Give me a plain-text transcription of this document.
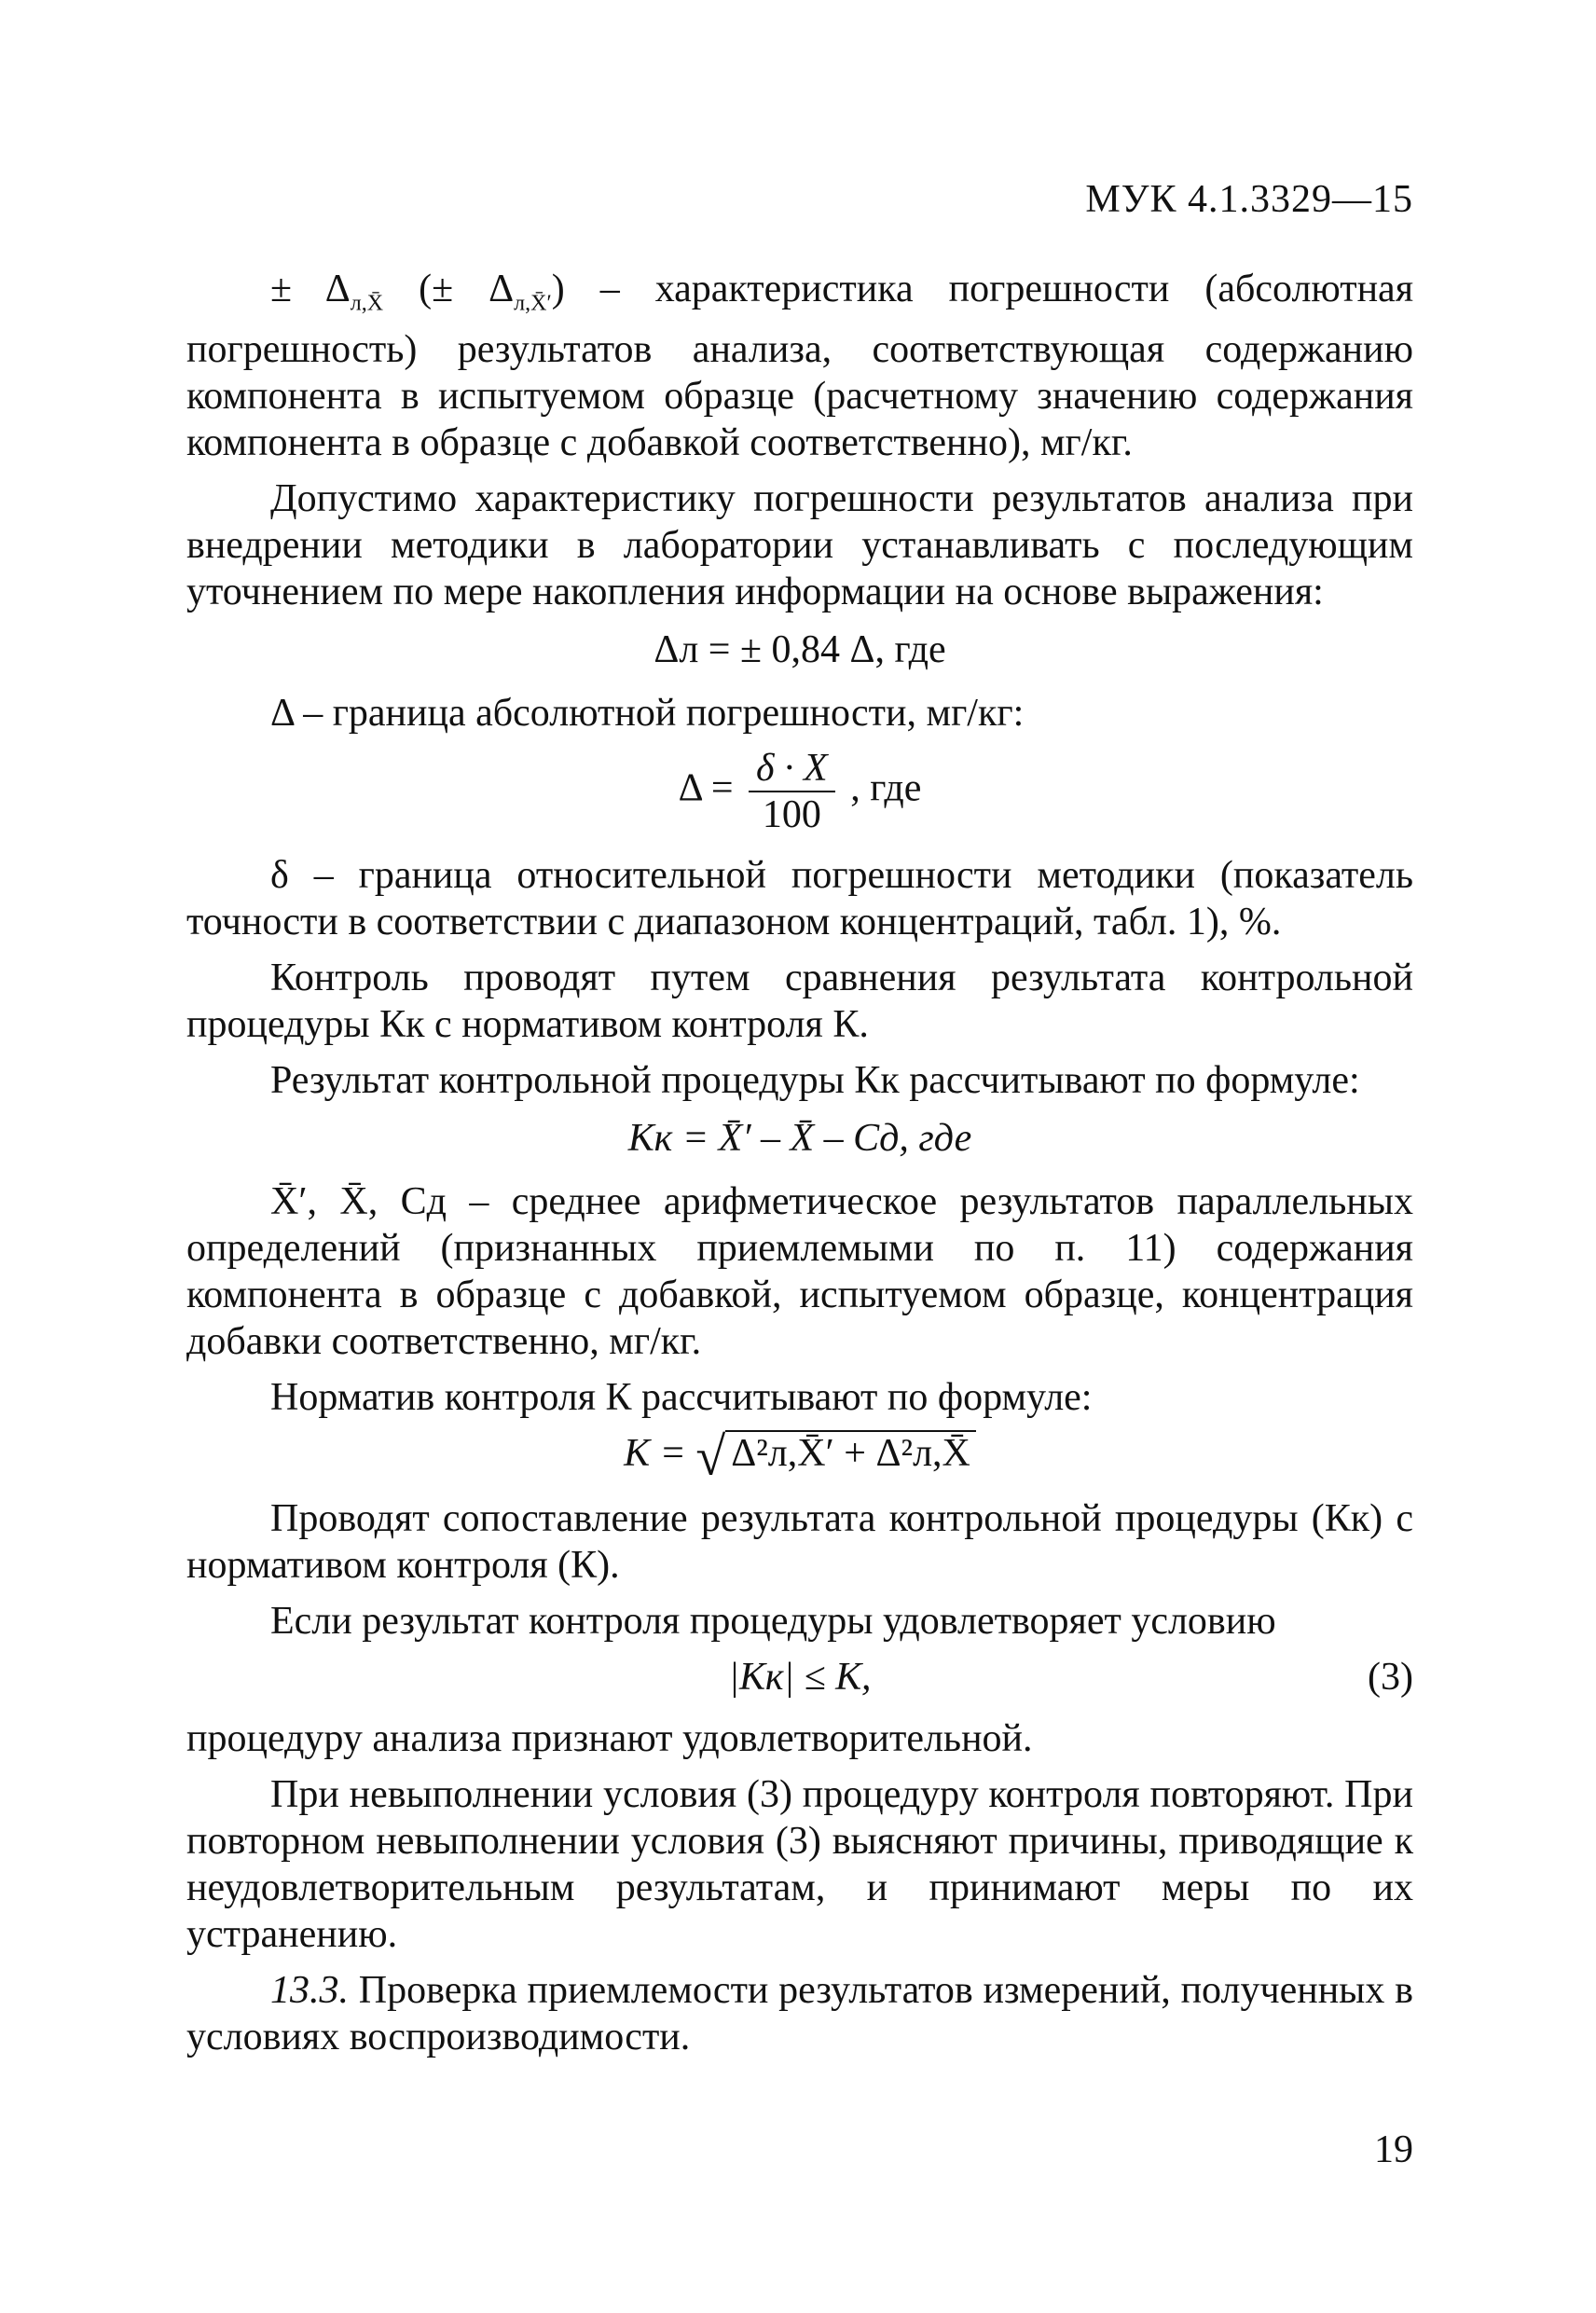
МУК 4.1.3329—15

± $\Delta_{л,X̄}$ (± $\Delta_{л,X̄'}$) – характеристика погрешности (абсолютная погрешность) результатов анализа, соответствующая содержанию компонента в испытуемом образце (расчетному значению содержания компонента в образце с добавкой соответственно), мг/кг.

Допустимо характеристику погрешности результатов анализа при внедрении методики в лаборатории устанавливать с последующим уточнением по мере накопления информации на основе выражения:

Δл = ± 0,84 Δ, где

Δ – граница абсолютной погрешности, мг/кг:

$\Delta = \frac{\delta \cdot X}{100}$ , где

δ – граница относительной погрешности методики (показатель точности в соответствии с диапазоном концентраций, табл. 1), %.

Контроль проводят путем сравнения результата контрольной процедуры Кк с нормативом контроля К.

Результат контрольной процедуры Кк рассчитывают по формуле:

Кк = X̄′ – X̄ – Сд, где

X̄′, X̄, Сд – среднее арифметическое результатов параллельных определений (признанных приемлемыми по п. 11) содержания компонента в образце с добавкой, испытуемом образце, концентрация добавки соответственно, мг/кг.

Норматив контроля К рассчитывают по формуле:

К = √ Δ²л,X̄′ + Δ²л,X̄

Проводят сопоставление результата контрольной процедуры (Кк) с нормативом контроля (К).

Если результат контроля процедуры удовлетворяет условию

|Кк| ≤ К,	(3)

процедуру анализа признают удовлетворительной.

При невыполнении условия (3) процедуру контроля повторяют. При повторном невыполнении условия (3) выясняют причины, приводящие к неудовлетворительным результатам, и принимают меры по их устранению.

13.3. Проверка приемлемости результатов измерений, полученных в условиях воспроизводимости.

19
